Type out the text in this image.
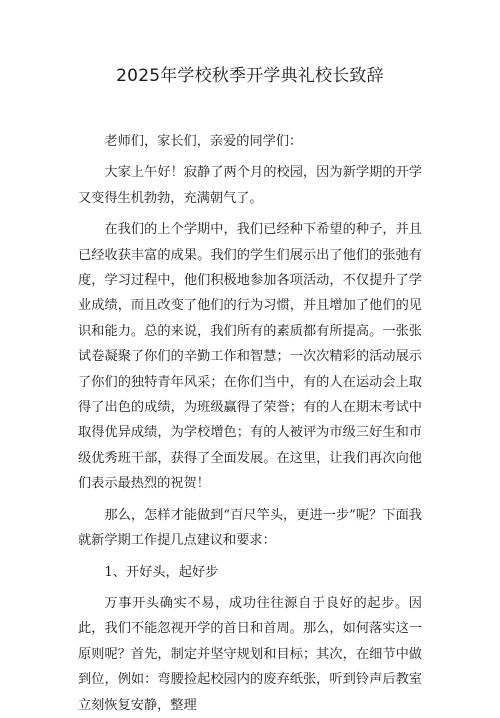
2025年学校秋季开学典礼校长致辞

老师们，家长们，亲爱的同学们：

大家上午好！寂静了两个月的校园，因为新学期的开学又变得生机勃勃，充满朝气了。

在我们的上个学期中，我们已经种下希望的种子，并且已经收获丰富的成果。我们的学生们展示出了他们的张弛有度，学习过程中，他们积极地参加各项活动，不仅提升了学业成绩，而且改变了他们的行为习惯，并且增加了他们的见识和能力。总的来说，我们所有的素质都有所提高。一张张试卷凝聚了你们的辛勤工作和智慧；一次次精彩的活动展示了你们的独特青年风采；在你们当中，有的人在运动会上取得了出色的成绩，为班级赢得了荣誉；有的人在期末考试中取得优异成绩，为学校增色；有的人被评为市级三好生和市级优秀班干部，获得了全面发展。在这里，让我们再次向他们表示最热烈的祝贺！

那么，怎样才能做到“百尺竿头，更进一步”呢？下面我就新学期工作提几点建议和要求：

1、开好头，起好步

万事开头确实不易，成功往往源自于良好的起步。因此，我们不能忽视开学的首日和首周。那么，如何落实这一原则呢？首先，制定并坚守规划和目标；其次，在细节中做到位，例如：弯腰捡起校园内的废弃纸张，听到铃声后教室立刻恢复安静，整理
